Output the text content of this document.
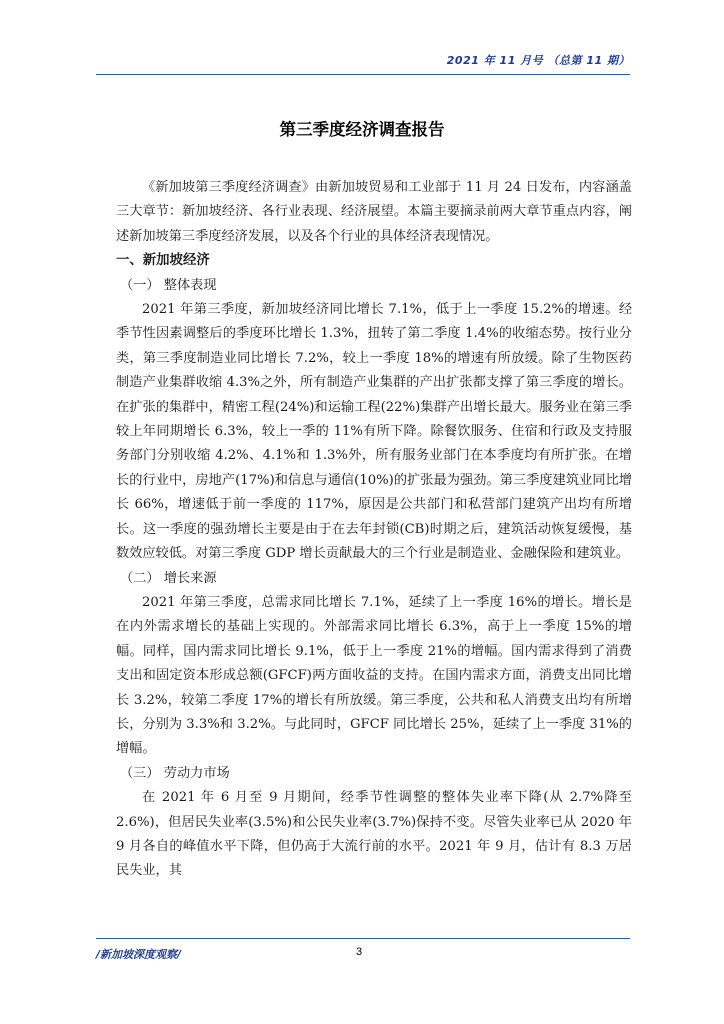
2021 年 11 月号 （总第 11 期）
第三季度经济调查报告

《新加坡第三季度经济调查》由新加坡贸易和工业部于 11 月 24 日发布，内容涵盖三大章节：新加坡经济、各行业表现、经济展望。本篇主要摘录前两大章节重点内容，阐述新加坡第三季度经济发展，以及各个行业的具体经济表现情况。

一、新加坡经济

（一） 整体表现

2021 年第三季度，新加坡经济同比增长 7.1%，低于上一季度 15.2%的增速。经季节性因素调整后的季度环比增长 1.3%，扭转了第二季度 1.4%的收缩态势。按行业分类，第三季度制造业同比增长 7.2%，较上一季度 18%的增速有所放缓。除了生物医药制造产业集群收缩 4.3%之外，所有制造产业集群的产出扩张都支撑了第三季度的增长。在扩张的集群中，精密工程(24%)和运输工程(22%)集群产出增长最大。服务业在第三季较上年同期增长 6.3%，较上一季的 11%有所下降。除餐饮服务、住宿和行政及支持服务部门分别收缩 4.2%、4.1%和 1.3%外，所有服务业部门在本季度均有所扩张。在增长的行业中，房地产(17%)和信息与通信(10%)的扩张最为强劲。第三季度建筑业同比增长 66%，增速低于前一季度的 117%，原因是公共部门和私营部门建筑产出均有所增长。这一季度的强劲增长主要是由于在去年封锁(CB)时期之后，建筑活动恢复缓慢，基数效应较低。对第三季度 GDP 增长贡献最大的三个行业是制造业、金融保险和建筑业。

（二） 增长来源

2021 年第三季度，总需求同比增长 7.1%，延续了上一季度 16%的增长。增长是在内外需求增长的基础上实现的。外部需求同比增长 6.3%，高于上一季度 15%的增幅。同样，国内需求同比增长 9.1%，低于上一季度 21%的增幅。国内需求得到了消费支出和固定资本形成总额(GFCF)两方面收益的支持。在国内需求方面，消费支出同比增长 3.2%，较第二季度 17%的增长有所放缓。第三季度，公共和私人消费支出均有所增长，分别为 3.3%和 3.2%。与此同时，GFCF 同比增长 25%，延续了上一季度 31%的增幅。

（三） 劳动力市场

在 2021 年 6 月至 9 月期间，经季节性调整的整体失业率下降(从 2.7%降至 2.6%)，但居民失业率(3.5%)和公民失业率(3.7%)保持不变。尽管失业率已从 2020 年 9 月各自的峰值水平下降，但仍高于大流行前的水平。2021 年 9 月，估计有 8.3 万居民失业，其

/新加坡深度观察/	3
